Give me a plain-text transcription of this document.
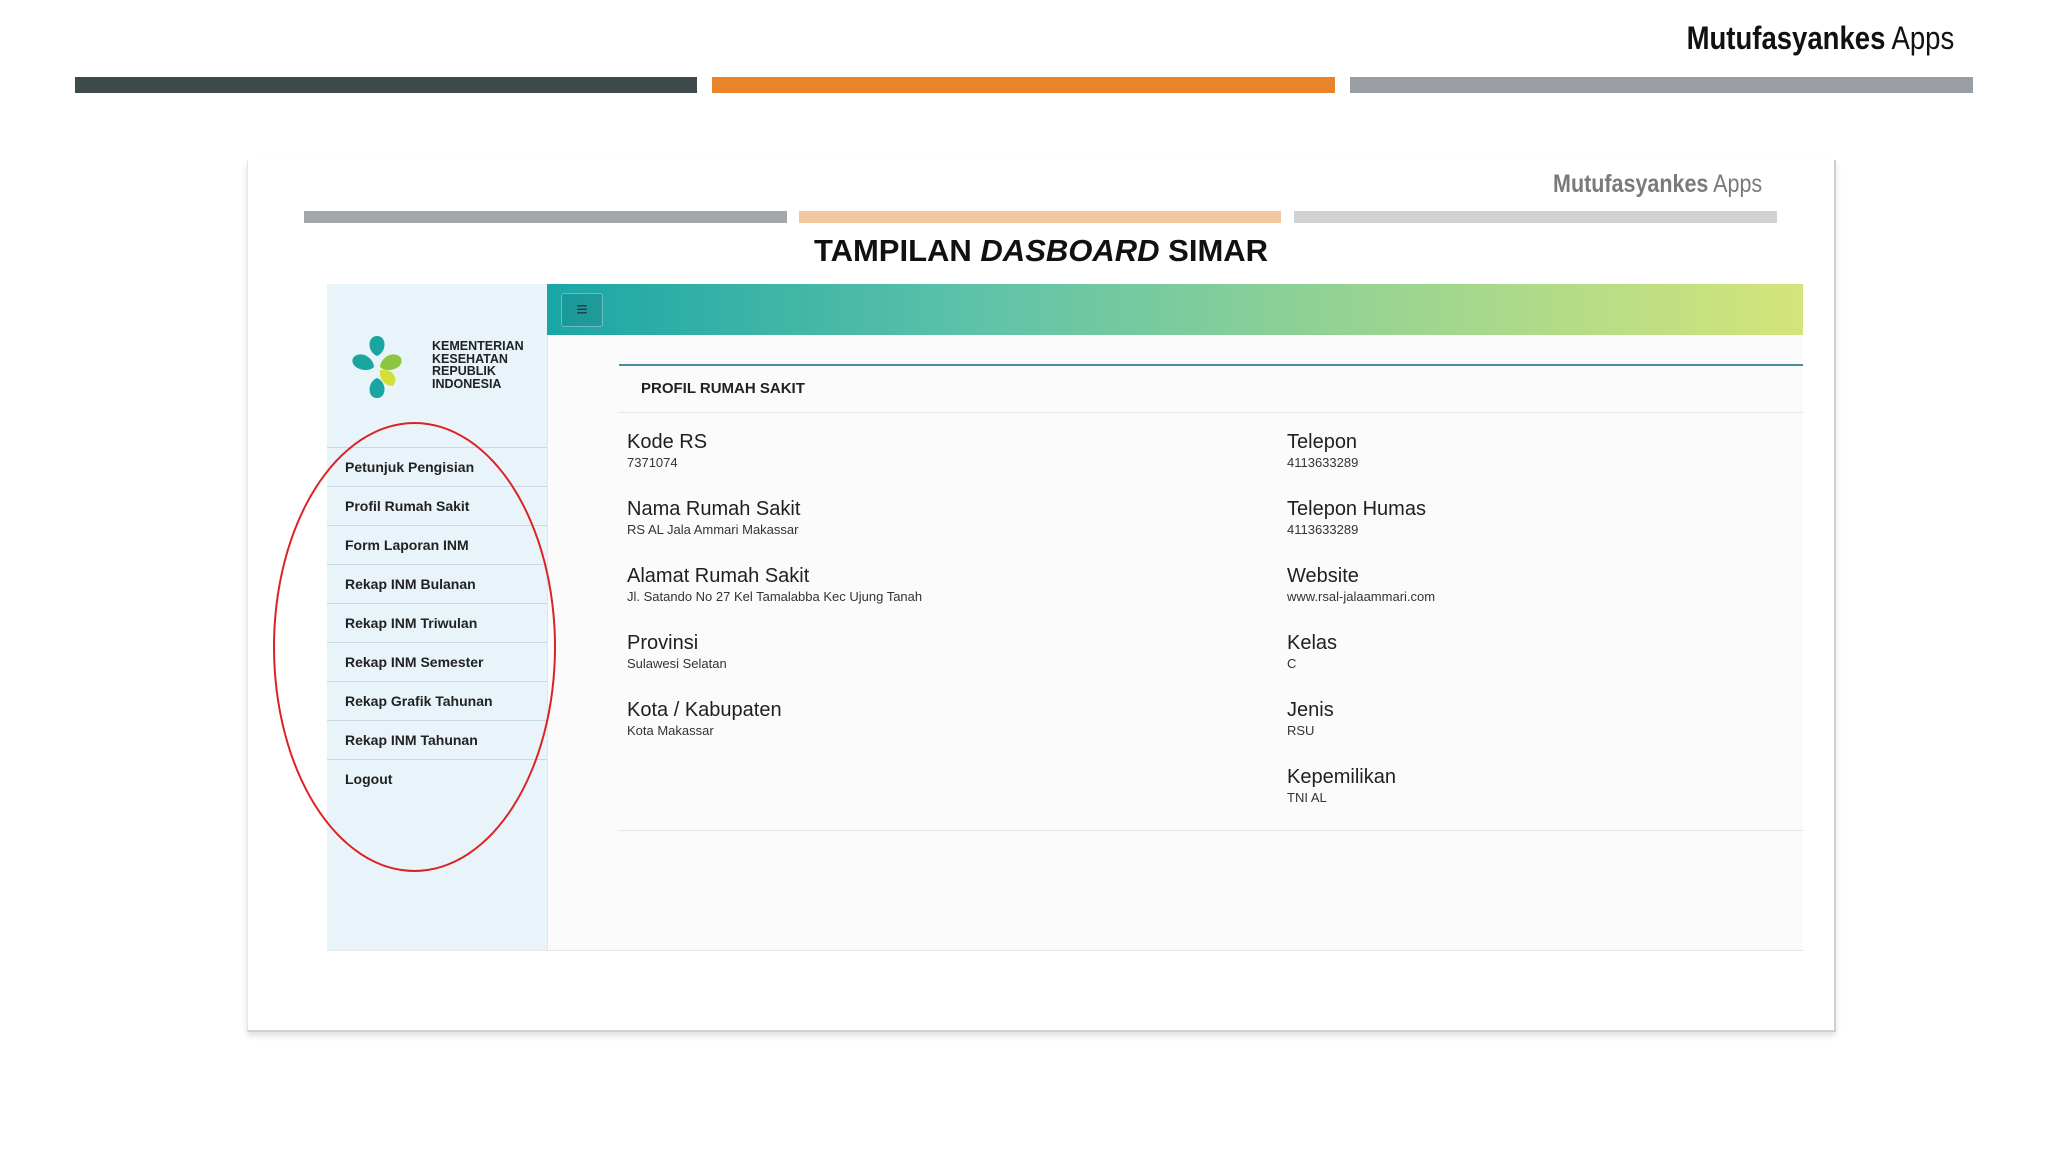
Mutufasyankes Apps
Mutufasyankes Apps
TAMPILAN DASBOARD SIMAR
KEMENTERIAN
KESEHATAN
REPUBLIK
INDONESIA
Petunjuk Pengisian
Profil Rumah Sakit
Form Laporan INM
Rekap INM Bulanan
Rekap INM Triwulan
Rekap INM Semester
Rekap Grafik Tahunan
Rekap INM Tahunan
Logout
≡
PROFIL RUMAH SAKIT
Kode RS
7371074
Nama Rumah Sakit
RS AL Jala Ammari Makassar
Alamat Rumah Sakit
Jl. Satando No 27 Kel Tamalabba Kec Ujung Tanah
Provinsi
Sulawesi Selatan
Kota / Kabupaten
Kota Makassar
Telepon
4113633289
Telepon Humas
4113633289
Website
www.rsal-jalaammari.com
Kelas
C
Jenis
RSU
Kepemilikan
TNI AL
